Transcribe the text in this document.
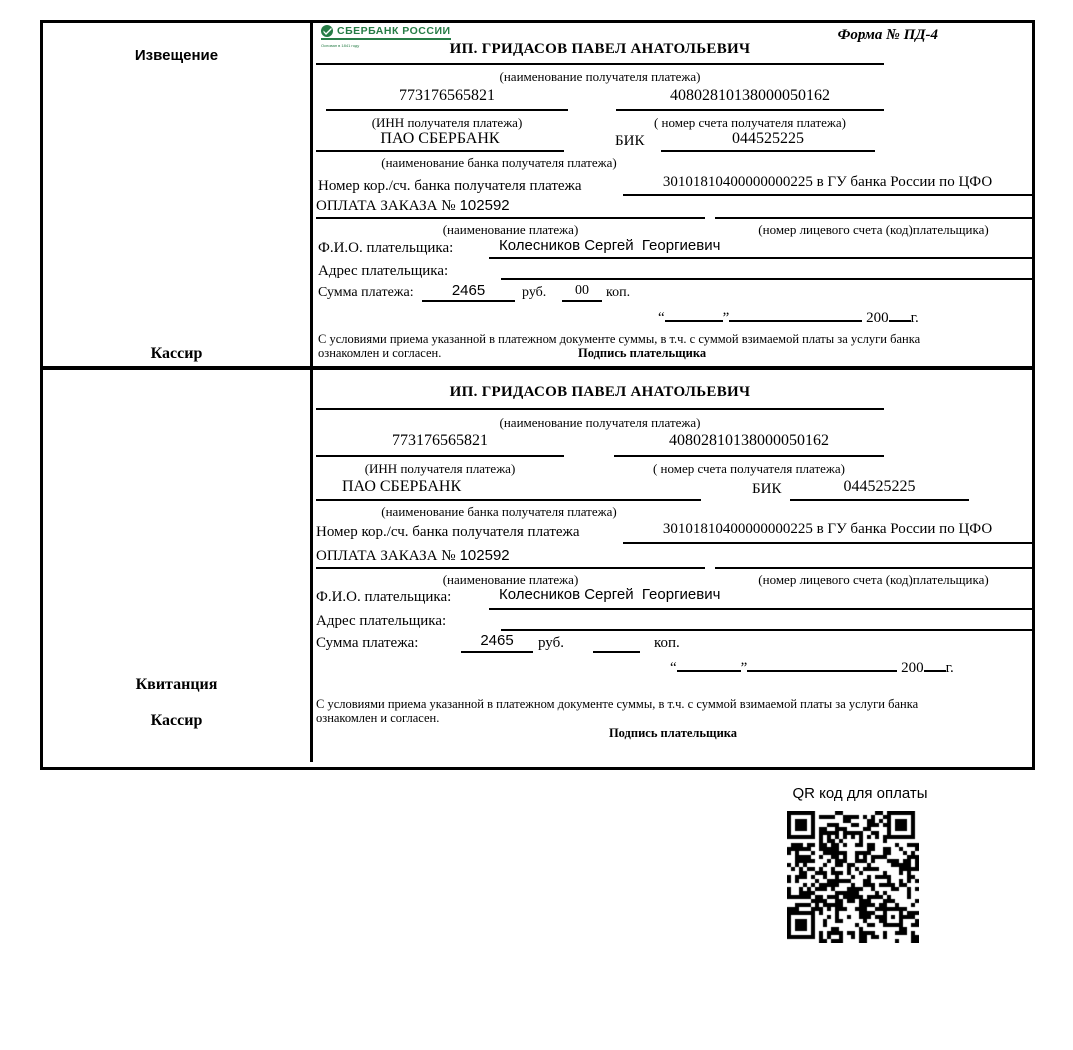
Извещение
Кассир
СБЕРБАНК РОССИИ
Основан в 1841 году
Форма № ПД-4
ИП. ГРИДАСОВ ПАВЕЛ АНАТОЛЬЕВИЧ
(наименование получателя платежа)
773176565821	40802810138000050162
(ИНН получателя платежа)	( номер счета получателя платежа)
ПАО СБЕРБАНК	БИК	044525225
(наименование банка получателя платежа)
Номер кор./сч. банка получателя платежа	30101810400000000225 в ГУ банка России по ЦФО
ОПЛАТА ЗАКАЗА № 102592
(наименование платежа)	(номер лицевого счета (код)плательщика)
Ф.И.О. плательщика:	Колесников Сергей  Георгиевич
Адрес плательщика:
Сумма платежа:	2465	руб.	00	коп.
“	”	200 г.
С условиями приема указанной в платежном документе суммы, в т.ч. с суммой взимаемой платы за услуги банка
ознакомлен и согласен.	Подпись плательщика
Квитанция
Кассир
ИП. ГРИДАСОВ ПАВЕЛ АНАТОЛЬЕВИЧ
(наименование получателя платежа)
773176565821	40802810138000050162
(ИНН получателя платежа)	( номер счета получателя платежа)
ПАО СБЕРБАНК	БИК	044525225
(наименование банка получателя платежа)
Номер кор./сч. банка получателя платежа	30101810400000000225 в ГУ банка России по ЦФО
ОПЛАТА ЗАКАЗА № 102592
(наименование платежа)	(номер лицевого счета (код)плательщика)
Ф.И.О. плательщика:	Колесников Сергей  Георгиевич
Адрес плательщика:
Сумма платежа:	2465	руб.	коп.
“	”	200 г.
С условиями приема указанной в платежном документе суммы, в т.ч. с суммой взимаемой платы за услуги банка
ознакомлен и согласен.
Подпись плательщика
QR код для оплаты
